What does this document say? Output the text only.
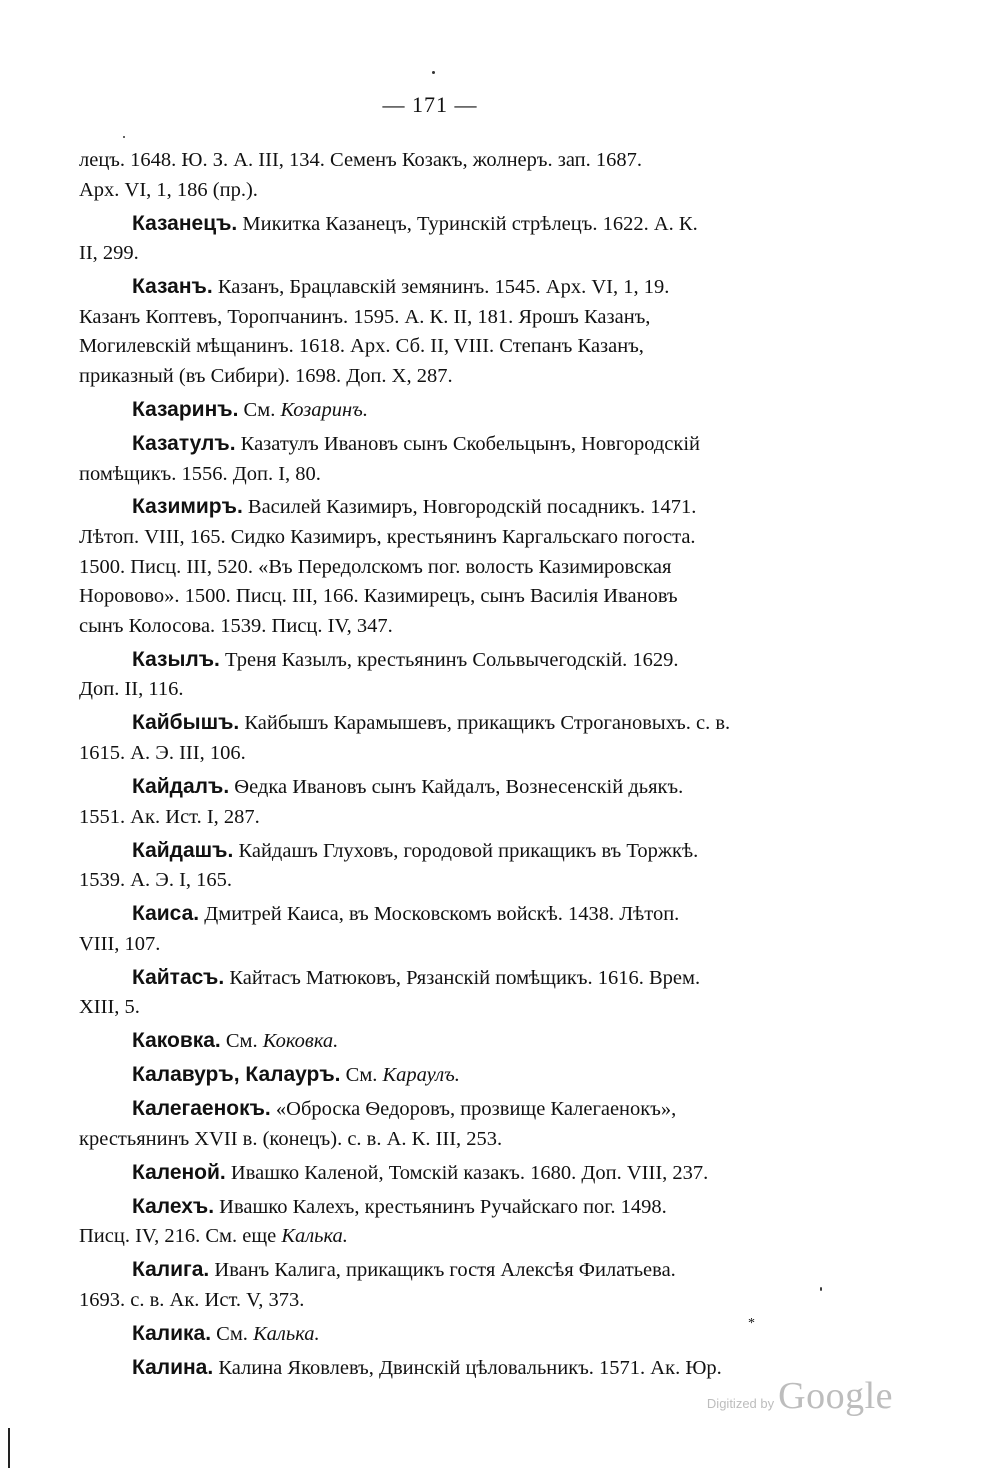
— 171 —
лецъ. 1648. Ю. З. А. III, 134. Семенъ Козакъ, жолнеръ. зап. 1687.
Арх. VI, 1, 186 (пр.).
Казанецъ. Микитка Казанецъ, Туринскій стрѣлецъ. 1622. А. К.
II, 299.
Казанъ. Казанъ, Брацлавскій земянинъ. 1545. Арх. VI, 1, 19.
Казанъ Коптевъ, Торопчанинъ. 1595. А. К. II, 181. Ярошъ Казанъ,
Могилевскій мѣщанинъ. 1618. Арх. Сб. II, VIII. Степанъ Казанъ,
приказный (въ Сибири). 1698. Доп. X, 287.
Казаринъ. См. Козаринъ.
Казатулъ. Казатулъ Ивановъ сынъ Скобельцынъ, Новгородскій
помѣщикъ. 1556. Доп. I, 80.
Казимиръ. Василей Казимиръ, Новгородскій посадникъ. 1471.
Лѣтоп. VIII, 165. Сидко Казимиръ, крестьянинъ Каргальскаго погоста.
1500. Писц. III, 520. «Въ Передолскомъ пог. волость Казимировская
Норовово». 1500. Писц. III, 166. Казимирецъ, сынъ Василія Ивановъ
сынъ Колосова. 1539. Писц. IV, 347.
Казылъ. Треня Казылъ, крестьянинъ Сольвычегодскій. 1629.
Доп. II, 116.
Кайбышъ. Кайбышъ Карамышевъ, прикащикъ Строгановыхъ. с. в.
1615. А. Э. III, 106.
Кайдалъ. Ѳедка Ивановъ сынъ Кайдалъ, Вознесенскій дьякъ.
1551. Ак. Ист. I, 287.
Кайдашъ. Кайдашъ Глуховъ, городовой прикащикъ въ Торжкѣ.
1539. А. Э. I, 165.
Каиса. Дмитрей Каиса, въ Московскомъ войскѣ. 1438. Лѣтоп.
VIII, 107.
Кайтасъ. Кайтасъ Матюковъ, Рязанскій помѣщикъ. 1616. Врем.
XIII, 5.
Каковка. См. Коковка.
Калавуръ, Калауръ. См. Караулъ.
Калегаенокъ. «Оброска Ѳедоровъ, прозвище Калегаенокъ»,
крестьянинъ XVII в. (конецъ). с. в. А. К. III, 253.
Каленой. Ивашко Каленой, Томскій казакъ. 1680. Доп. VIII, 237.
Калехъ. Ивашко Калехъ, крестьянинъ Ручайскаго пог. 1498.
Писц. IV, 216. См. еще Калька.
Калига. Иванъ Калига, прикащикъ гостя Алексѣя Филатьева.
1693. с. в. Ак. Ист. V, 373.
Калика. См. Калька.
Калина. Калина Яковлевъ, Двинскій цѣловальникъ. 1571. Ак. Юр.
*
Digitized by Google
